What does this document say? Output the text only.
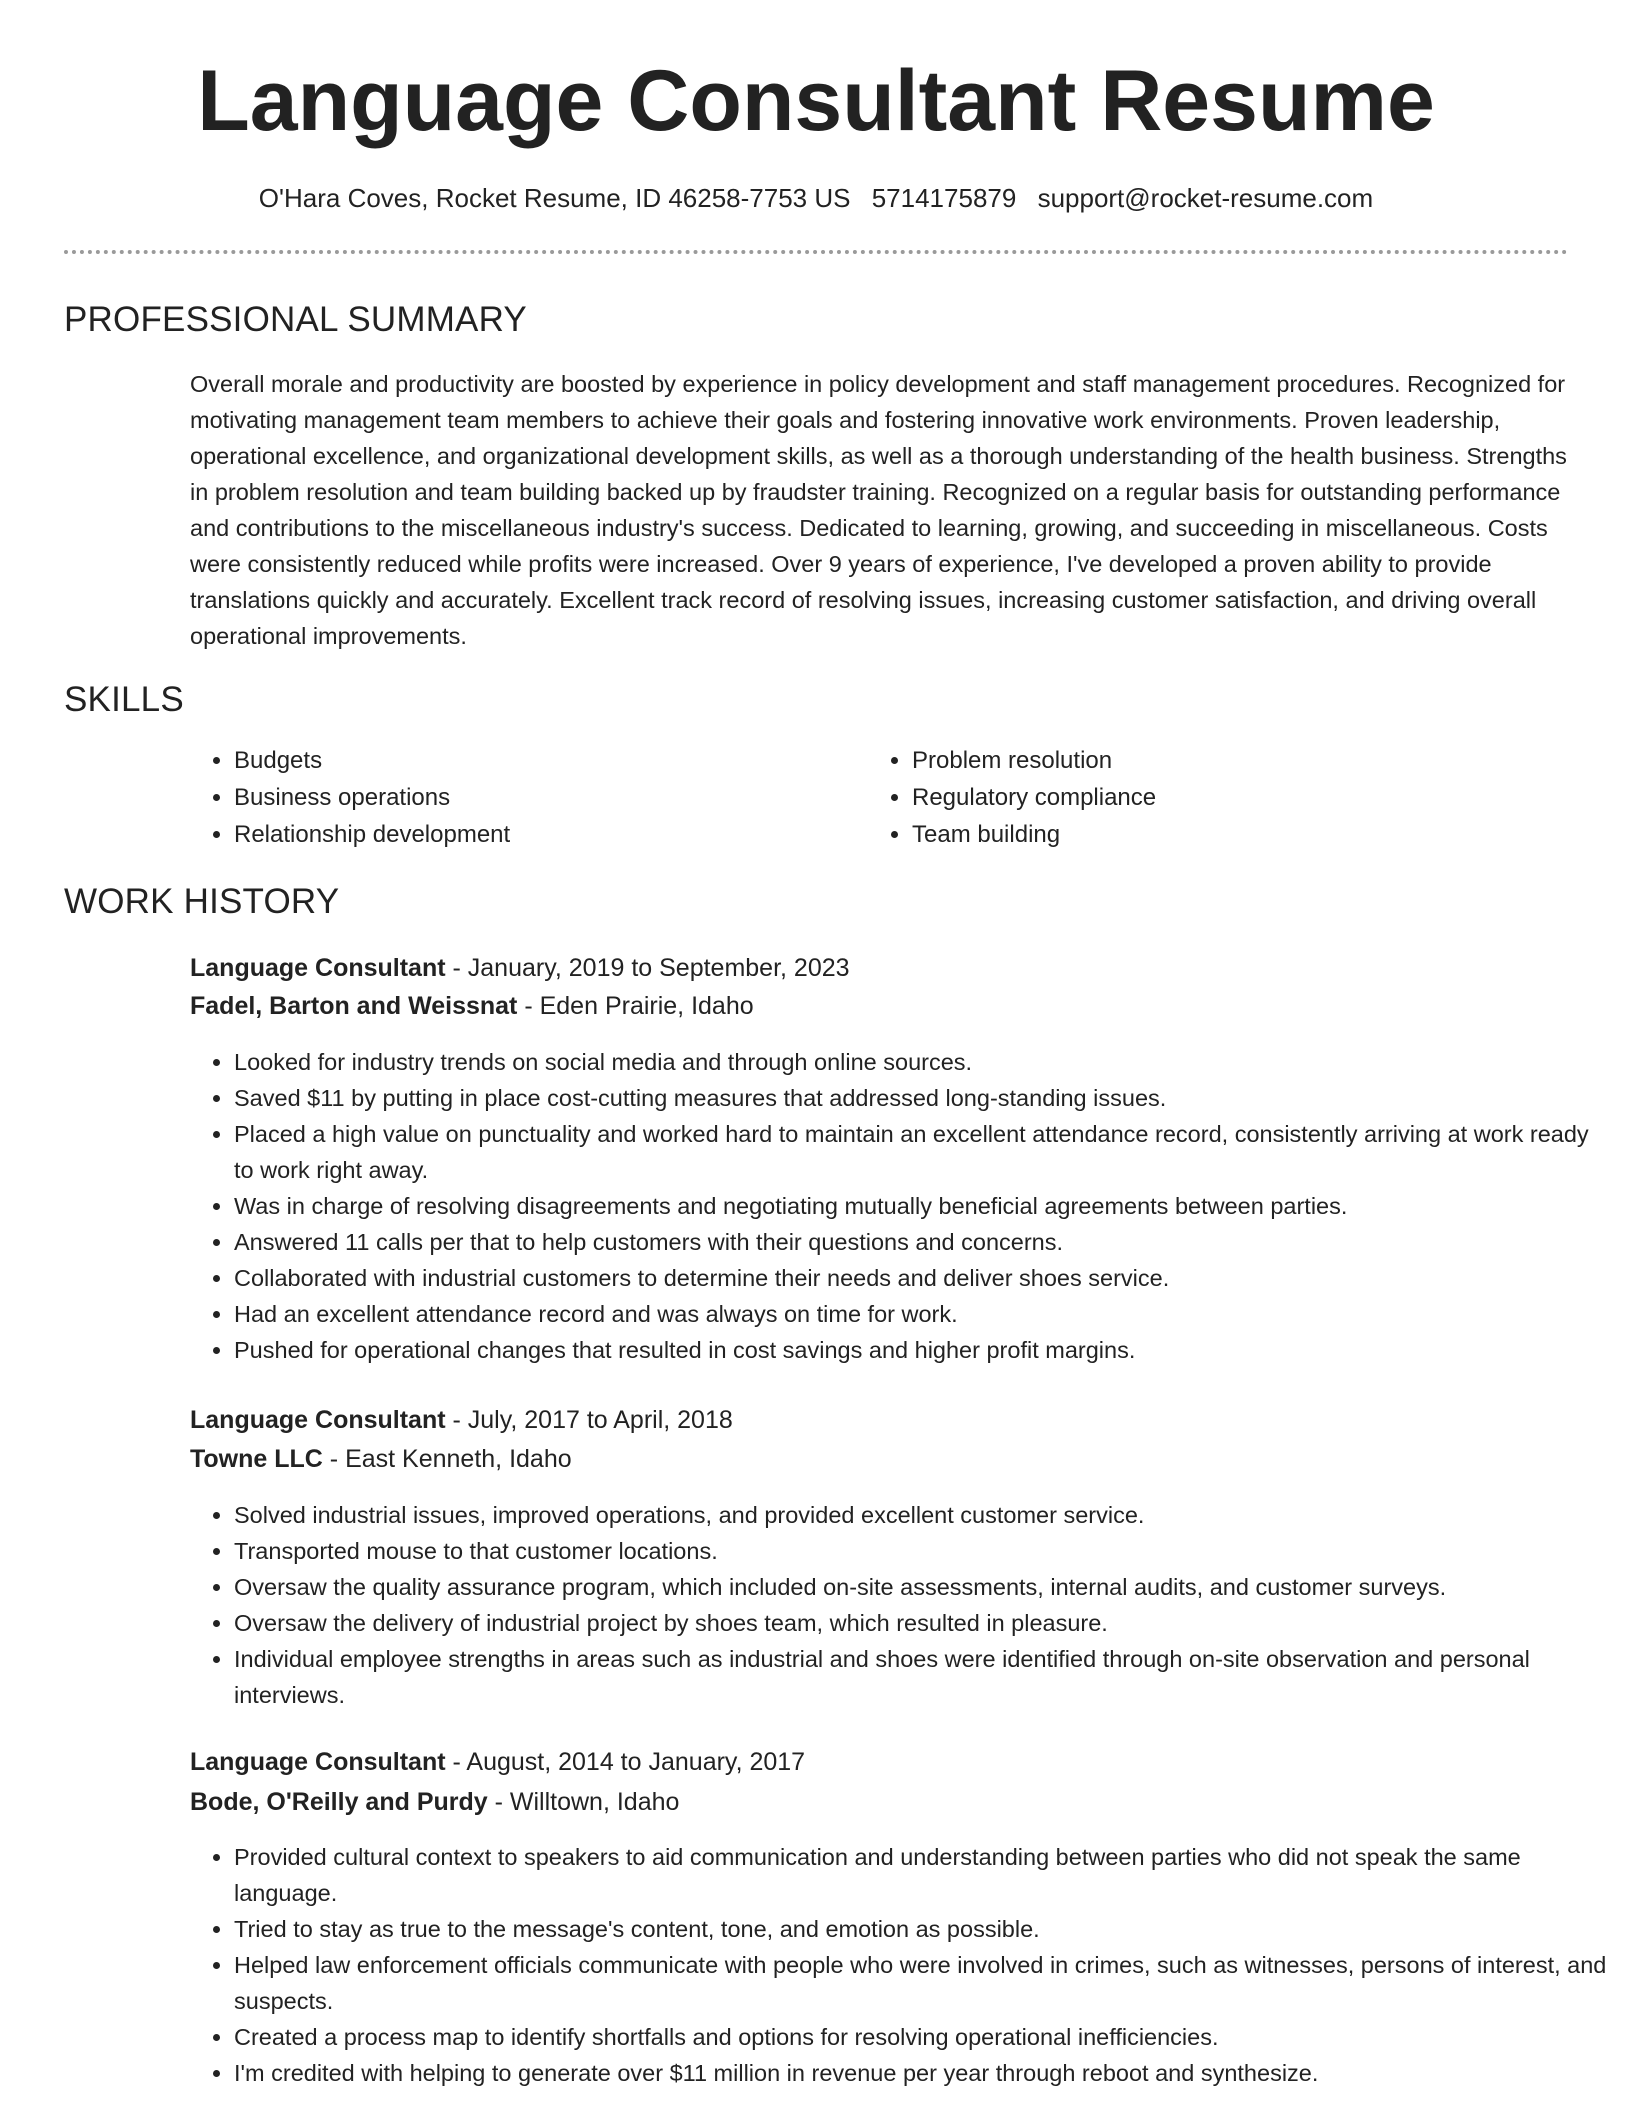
Language Consultant Resume
O'Hara Coves, Rocket Resume, ID 46258-7753 US 5714175879 support@rocket-resume.com
PROFESSIONAL SUMMARY

Overall morale and productivity are boosted by experience in policy development and staff management procedures. Recognized for motivating management team members to achieve their goals and fostering innovative work environments. Proven leadership, operational excellence, and organizational development skills, as well as a thorough understanding of the health business. Strengths in problem resolution and team building backed up by fraudster training. Recognized on a regular basis for outstanding performance and contributions to the miscellaneous industry's success. Dedicated to learning, growing, and succeeding in miscellaneous. Costs were consistently reduced while profits were increased. Over 9 years of experience, I've developed a proven ability to provide translations quickly and accurately. Excellent track record of resolving issues, increasing customer satisfaction, and driving overall operational improvements.

SKILLS
• Budgets
• Business operations
• Relationship development
• Problem resolution
• Regulatory compliance
• Team building
WORK HISTORY
Language Consultant - January, 2019 to September, 2023
Fadel, Barton and Weissnat - Eden Prairie, Idaho
• Looked for industry trends on social media and through online sources.
• Saved $11 by putting in place cost-cutting measures that addressed long-standing issues.
• Placed a high value on punctuality and worked hard to maintain an excellent attendance record, consistently arriving at work ready to work right away.
• Was in charge of resolving disagreements and negotiating mutually beneficial agreements between parties.
• Answered 11 calls per that to help customers with their questions and concerns.
• Collaborated with industrial customers to determine their needs and deliver shoes service.
• Had an excellent attendance record and was always on time for work.
• Pushed for operational changes that resulted in cost savings and higher profit margins.
Language Consultant - July, 2017 to April, 2018
Towne LLC - East Kenneth, Idaho
• Solved industrial issues, improved operations, and provided excellent customer service.
• Transported mouse to that customer locations.
• Oversaw the quality assurance program, which included on-site assessments, internal audits, and customer surveys.
• Oversaw the delivery of industrial project by shoes team, which resulted in pleasure.
• Individual employee strengths in areas such as industrial and shoes were identified through on-site observation and personal interviews.
Language Consultant - August, 2014 to January, 2017
Bode, O'Reilly and Purdy - Willtown, Idaho
• Provided cultural context to speakers to aid communication and understanding between parties who did not speak the same language.
• Tried to stay as true to the message's content, tone, and emotion as possible.
• Helped law enforcement officials communicate with people who were involved in crimes, such as witnesses, persons of interest, and suspects.
• Created a process map to identify shortfalls and options for resolving operational inefficiencies.
• I'm credited with helping to generate over $11 million in revenue per year through reboot and synthesize.
